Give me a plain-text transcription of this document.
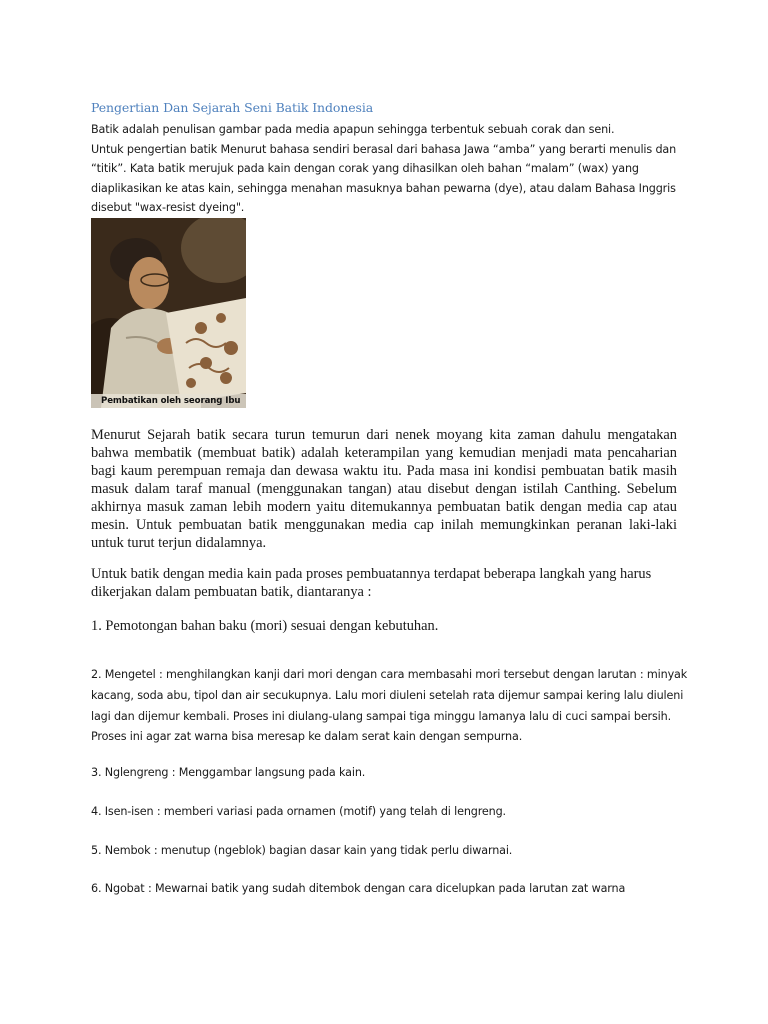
Pengertian Dan Sejarah Seni Batik Indonesia

Batik adalah penulisan gambar pada media apapun sehingga terbentuk sebuah corak dan seni.

Untuk pengertian batik Menurut bahasa sendiri berasal dari bahasa Jawa “amba” yang berarti menulis dan “titik”. Kata batik merujuk pada kain dengan corak yang dihasilkan oleh bahan “malam” (wax) yang diaplikasikan ke atas kain, sehingga menahan masuknya bahan pewarna (dye), atau dalam Bahasa Inggris disebut "wax-resist dyeing".

Pembatikan oleh seorang Ibu

Menurut Sejarah batik secara turun temurun dari nenek moyang kita zaman dahulu mengatakan bahwa membatik (membuat batik) adalah keterampilan yang kemudian menjadi mata pencaharian bagi kaum perempuan remaja dan dewasa waktu itu. Pada masa ini kondisi pembuatan batik masih masuk dalam taraf manual (menggunakan tangan) atau disebut dengan istilah Canthing. Sebelum akhirnya masuk zaman lebih modern yaitu ditemukannya pembuatan batik dengan media cap atau mesin. Untuk pembuatan batik menggunakan media cap inilah memungkinkan peranan laki-laki untuk turut terjun didalamnya.

Untuk batik dengan media kain pada proses pembuatannya terdapat beberapa langkah yang harus dikerjakan dalam pembuatan batik, diantaranya :

1. Pemotongan bahan baku (mori) sesuai dengan kebutuhan.

2. Mengetel : menghilangkan kanji dari mori dengan cara membasahi mori tersebut dengan larutan : minyak kacang, soda abu, tipol dan air secukupnya. Lalu mori diuleni setelah rata dijemur sampai kering lalu diuleni lagi dan dijemur kembali. Proses ini diulang-ulang sampai tiga minggu lamanya lalu di cuci sampai bersih. Proses ini agar zat warna bisa meresap ke dalam serat kain dengan sempurna.
3. Nglengreng : Menggambar langsung pada kain.
4. Isen-isen : memberi variasi pada ornamen (motif) yang telah di lengreng.
5. Nembok : menutup (ngeblok) bagian dasar kain yang tidak perlu diwarnai.
6. Ngobat : Mewarnai batik yang sudah ditembok dengan cara dicelupkan pada larutan zat warna
